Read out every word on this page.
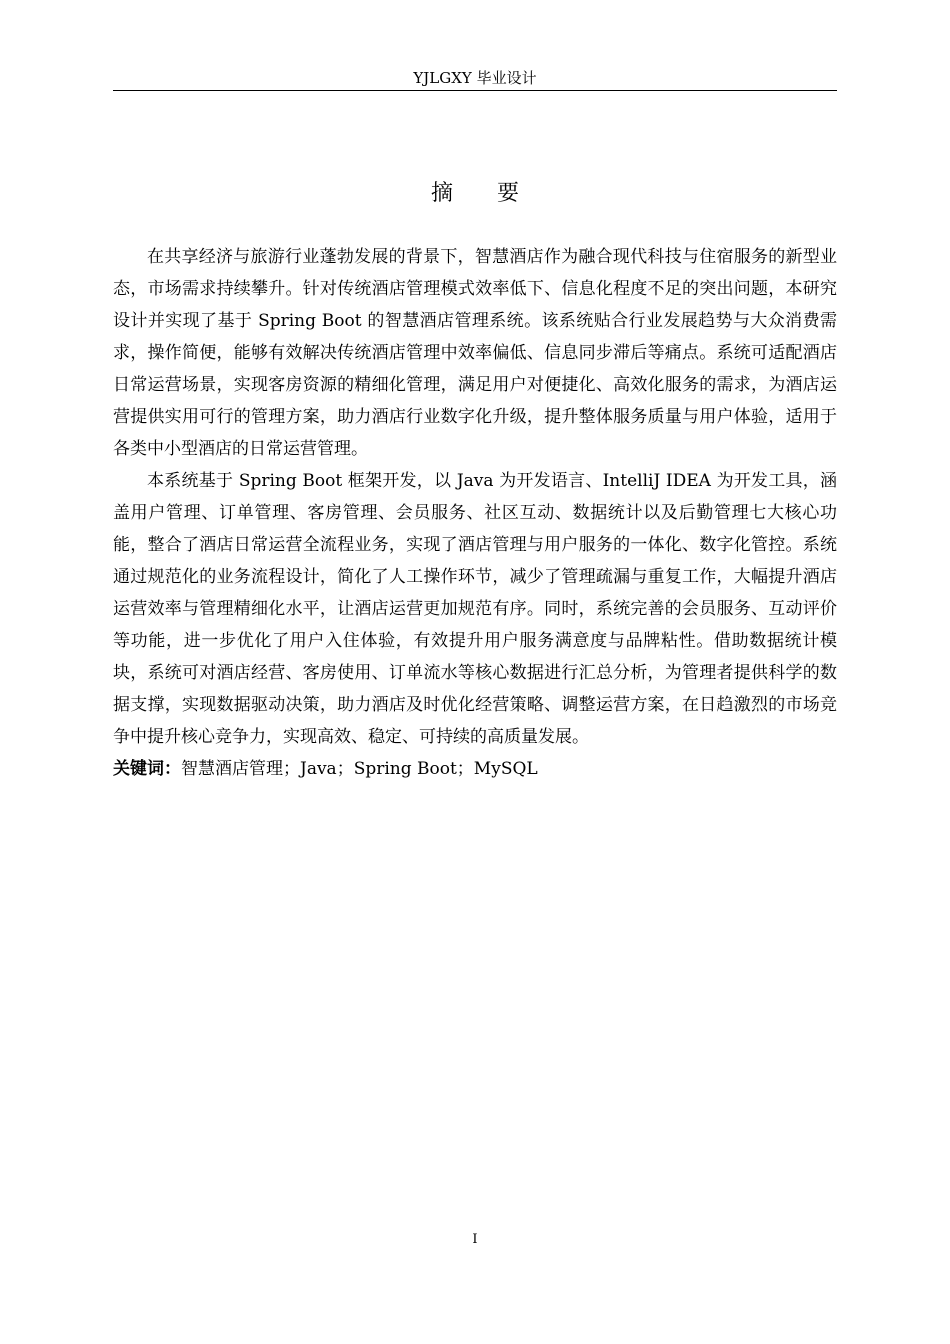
YJLGXY 毕业设计
摘 要

在共享经济与旅游行业蓬勃发展的背景下，智慧酒店作为融合现代科技与住宿服务的新型业态，市场需求持续攀升。针对传统酒店管理模式效率低下、信息化程度不足的突出问题，本研究设计并实现了基于 Spring Boot 的智慧酒店管理系统。该系统贴合行业发展趋势与大众消费需求，操作简便，能够有效解决传统酒店管理中效率偏低、信息同步滞后等痛点。系统可适配酒店日常运营场景，实现客房资源的精细化管理，满足用户对便捷化、高效化服务的需求，为酒店运营提供实用可行的管理方案，助力酒店行业数字化升级，提升整体服务质量与用户体验，适用于各类中小型酒店的日常运营管理。

本系统基于 Spring Boot 框架开发，以 Java 为开发语言、IntelliJ IDEA 为开发工具，涵盖用户管理、订单管理、客房管理、会员服务、社区互动、数据统计以及后勤管理七大核心功能，整合了酒店日常运营全流程业务，实现了酒店管理与用户服务的一体化、数字化管控。系统通过规范化的业务流程设计，简化了人工操作环节，减少了管理疏漏与重复工作，大幅提升酒店运营效率与管理精细化水平，让酒店运营更加规范有序。同时，系统完善的会员服务、互动评价等功能，进一步优化了用户入住体验，有效提升用户服务满意度与品牌粘性。借助数据统计模块，系统可对酒店经营、客房使用、订单流水等核心数据进行汇总分析，为管理者提供科学的数据支撑，实现数据驱动决策，助力酒店及时优化经营策略、调整运营方案，在日趋激烈的市场竞争中提升核心竞争力，实现高效、稳定、可持续的高质量发展。

关键词：智慧酒店管理；Java；Spring Boot；MySQL

I
